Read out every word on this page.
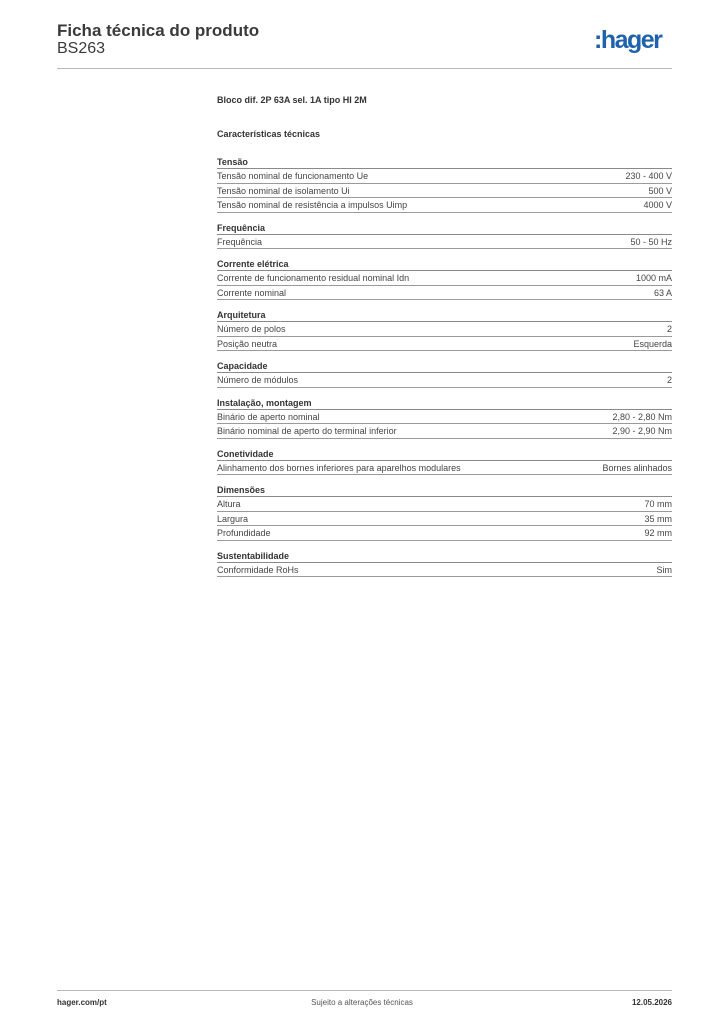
Ficha técnica do produto
BS263	:hager
Bloco dif. 2P 63A sel. 1A tipo HI 2M
Características técnicas
Tensão
Tensão nominal de funcionamento Ue	230 - 400 V
Tensão nominal de isolamento Ui	500 V
Tensão nominal de resistência a impulsos Uimp	4000 V
Frequência
Frequência	50 - 50 Hz
Corrente elétrica
Corrente de funcionamento residual nominal Idn	1000 mA
Corrente nominal	63 A
Arquitetura
Número de polos	2
Posição neutra	Esquerda
Capacidade
Número de módulos	2
Instalação, montagem
Binário de aperto nominal	2,80 - 2,80 Nm
Binário nominal de aperto do terminal inferior	2,90 - 2,90 Nm
Conetividade
Alinhamento dos bornes inferiores para aparelhos modulares	Bornes alinhados
Dimensões
Altura	70 mm
Largura	35 mm
Profundidade	92 mm
Sustentabilidade
Conformidade RoHs	Sim
hager.com/pt	Sujeito a alterações técnicas	12.05.2026
